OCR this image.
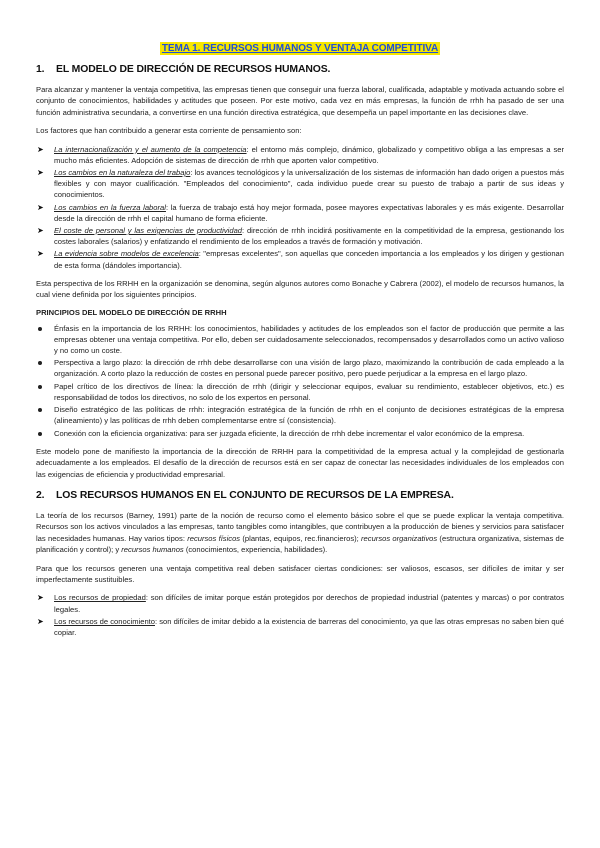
TEMA 1. RECURSOS HUMANOS Y VENTAJA COMPETITIVA
1. EL MODELO DE DIRECCIÓN DE RECURSOS HUMANOS.

Para alcanzar y mantener la ventaja competitiva, las empresas tienen que conseguir una fuerza laboral, cualificada, adaptable y motivada actuando sobre el conjunto de conocimientos, habilidades y actitudes que poseen. Por este motivo, cada vez en más empresas, la función de rrhh ha pasado de ser una función administrativa secundaria, a convertirse en una función directiva estratégica, que desempeña un papel importante en las decisiones clave.

Los factores que han contribuido a generar esta corriente de pensamiento son:

➤ La internacionalización y el aumento de la competencia: el entorno más complejo, dinámico, globalizado y competitivo obliga a las empresas a ser mucho más eficientes. Adopción de sistemas de dirección de rrhh que aporten valor competitivo.
➤ Los cambios en la naturaleza del trabajo: los avances tecnológicos y la universalización de los sistemas de información han dado origen a puestos más flexibles y con mayor cualificación. "Empleados del conocimiento", cada individuo puede crear su puesto de trabajo a partir de sus ideas y conocimientos.
➤ Los cambios en la fuerza laboral: la fuerza de trabajo está hoy mejor formada, posee mayores expectativas laborales y es más exigente. Desarrollar desde la dirección de rrhh el capital humano de forma eficiente.
➤ El coste de personal y las exigencias de productividad: dirección de rrhh incidirá positivamente en la competitividad de la empresa, gestionando los costes laborales (salarios) y enfatizando el rendimiento de los empleados a través de formación y motivación.
➤ La evidencia sobre modelos de excelencia: "empresas excelentes", son aquellas que conceden importancia a los empleados y los dirigen y gestionan de esta forma (dándoles importancia).

Esta perspectiva de los RRHH en la organización se denomina, según algunos autores como Bonache y Cabrera (2002), el modelo de recursos humanos, la cual viene definida por los siguientes principios.

PRINCIPIOS DEL MODELO DE DIRECCIÓN DE RRHH
Énfasis en la importancia de los RRHH: los conocimientos, habilidades y actitudes de los empleados son el factor de producción que permite a las empresas obtener una ventaja competitiva. Por ello, deben ser cuidadosamente seleccionados, recompensados y desarrollados como un activo valioso y no como un coste.
Perspectiva a largo plazo: la dirección de rrhh debe desarrollarse con una visión de largo plazo, maximizando la contribución de cada empleado a la organización. A corto plazo la reducción de costes en personal puede parecer positivo, pero puede perjudicar a la empresa en el largo plazo.
Papel crítico de los directivos de línea: la dirección de rrhh (dirigir y seleccionar equipos, evaluar su rendimiento, establecer objetivos, etc.) es responsabilidad de todos los directivos, no solo de los expertos en personal.
Diseño estratégico de las políticas de rrhh: integración estratégica de la función de rrhh en el conjunto de decisiones estratégicas de la empresa (alineamiento) y las políticas de rrhh deben complementarse entre sí (consistencia).
Conexión con la eficiencia organizativa: para ser juzgada eficiente, la dirección de rrhh debe incrementar el valor económico de la empresa.

Este modelo pone de manifiesto la importancia de la dirección de RRHH para la competitividad de la empresa actual y la complejidad de gestionarla adecuadamente a los empleados. El desafío de la dirección de recursos está en ser capaz de conectar las necesidades individuales de los empleados con las exigencias de eficiencia y productividad empresarial.

2. LOS RECURSOS HUMANOS EN EL CONJUNTO DE RECURSOS DE LA EMPRESA.

La teoría de los recursos (Barney, 1991) parte de la noción de recurso como el elemento básico sobre el que se puede explicar la ventaja competitiva. Recursos son los activos vinculados a las empresas, tanto tangibles como intangibles, que contribuyen a la producción de bienes y servicios para satisfacer las necesidades humanas. Hay varios tipos: recursos físicos (plantas, equipos, rec.financieros); recursos organizativos (estructura organizativa, sistemas de planificación y control); y recursos humanos (conocimientos, experiencia, habilidades).

Para que los recursos generen una ventaja competitiva real deben satisfacer ciertas condiciones: ser valiosos, escasos, ser difíciles de imitar y ser imperfectamente sustituibles.

➤ Los recursos de propiedad: son difíciles de imitar porque están protegidos por derechos de propiedad industrial (patentes y marcas) o por contratos legales.
➤ Los recursos de conocimiento: son difíciles de imitar debido a la existencia de barreras del conocimiento, ya que las otras empresas no saben bien qué copiar.
